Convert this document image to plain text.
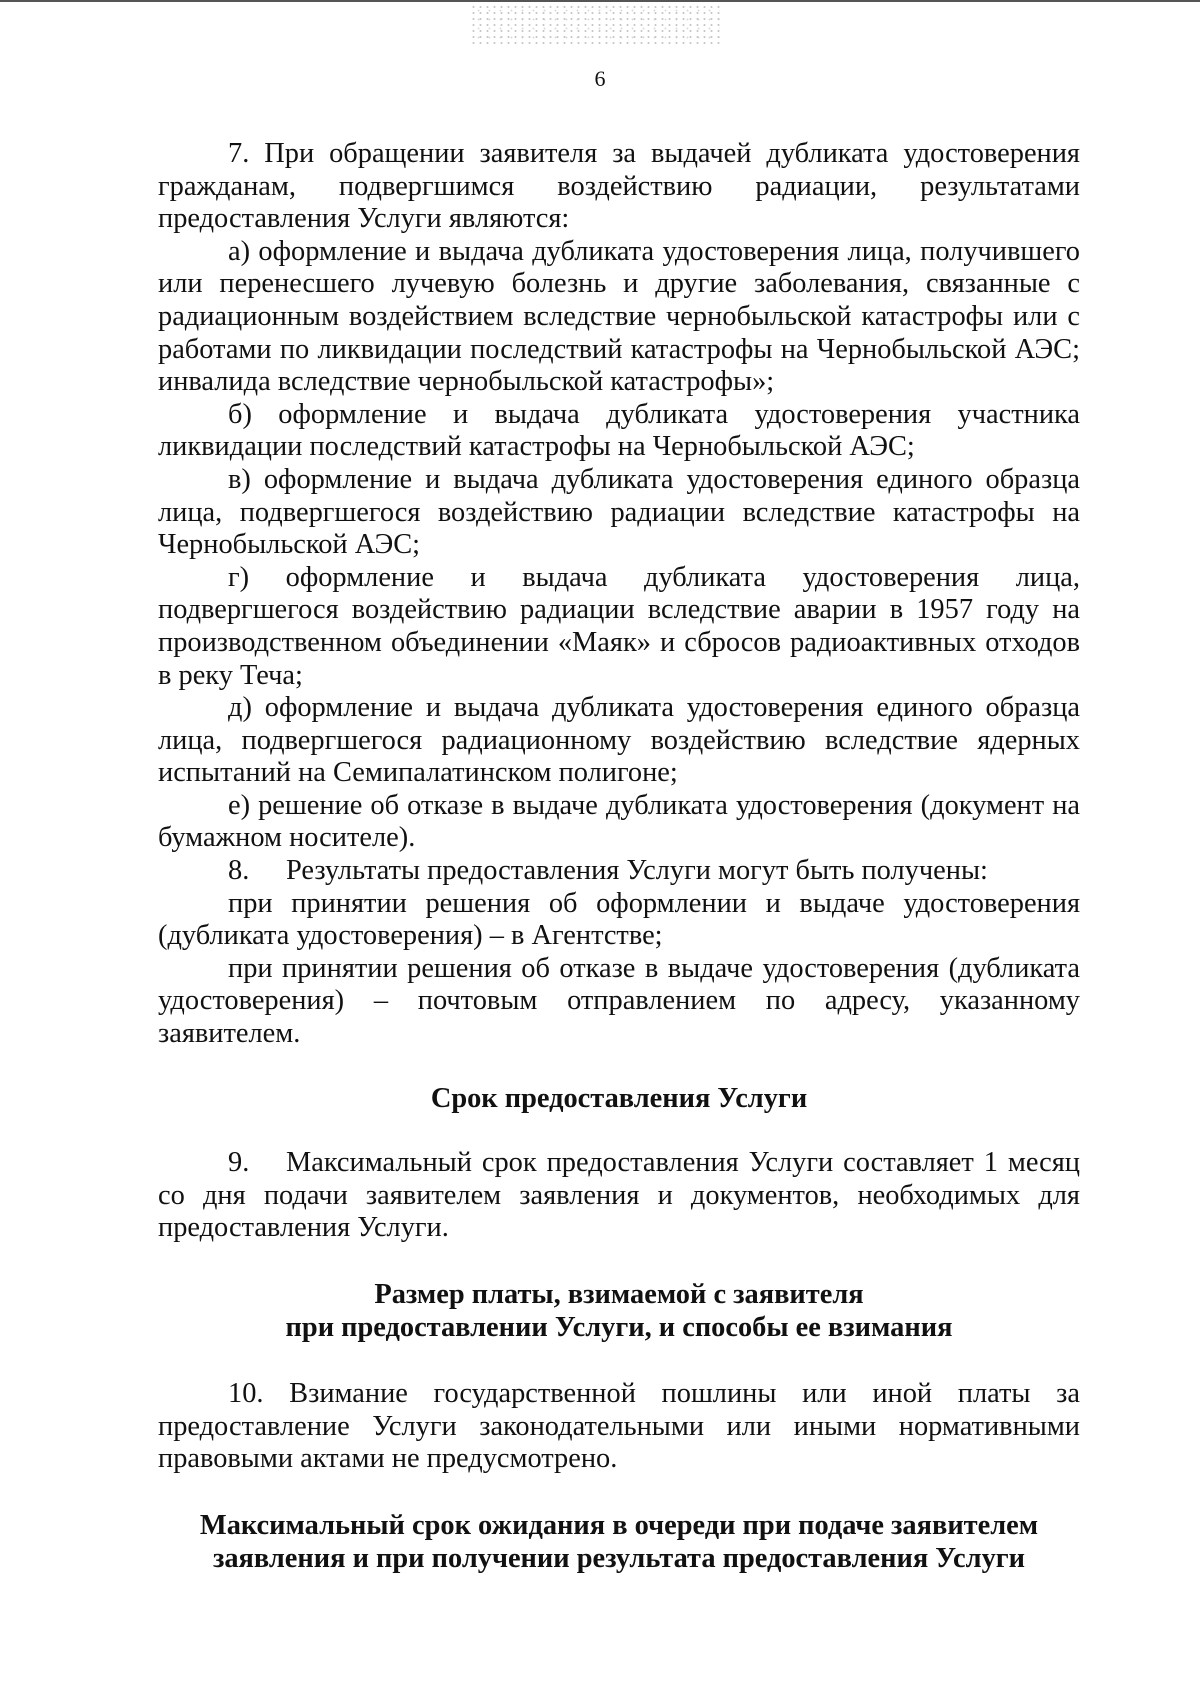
6

7. При обращении заявителя за выдачей дубликата удостоверения гражданам, подвергшимся воздействию радиации, результатами предоставления Услуги являются:

а) оформление и выдача дубликата удостоверения лица, получившего или перенесшего лучевую болезнь и другие заболевания, связанные с радиационным воздействием вследствие чернобыльской катастрофы или с работами по ликвидации последствий катастрофы на Чернобыльской АЭС; инвалида вследствие чернобыльской катастрофы»;

б) оформление и выдача дубликата удостоверения участника ликвидации последствий катастрофы на Чернобыльской АЭС;

в) оформление и выдача дубликата удостоверения единого образца лица, подвергшегося воздействию радиации вследствие катастрофы на Чернобыльской АЭС;

г) оформление и выдача дубликата удостоверения лица, подвергшегося воздействию радиации вследствие аварии в 1957 году на производственном объединении «Маяк» и сбросов радиоактивных отходов в реку Теча;

д) оформление и выдача дубликата удостоверения единого образца лица, подвергшегося радиационному воздействию вследствие ядерных испытаний на Семипалатинском полигоне;

е) решение об отказе в выдаче дубликата удостоверения (документ на бумажном носителе).

8. Результаты предоставления Услуги могут быть получены:

при принятии решения об оформлении и выдаче удостоверения (дубликата удостоверения) – в Агентстве;

при принятии решения об отказе в выдаче удостоверения (дубликата удостоверения) – почтовым отправлением по адресу, указанному заявителем.

Срок предоставления Услуги

9. Максимальный срок предоставления Услуги составляет 1 месяц со дня подачи заявителем заявления и документов, необходимых для предоставления Услуги.

Размер платы, взимаемой с заявителя
при предоставлении Услуги, и способы ее взимания

10. Взимание государственной пошлины или иной платы за предоставление Услуги законодательными или иными нормативными правовыми актами не предусмотрено.

Максимальный срок ожидания в очереди при подаче заявителем
заявления и при получении результата предоставления Услуги
